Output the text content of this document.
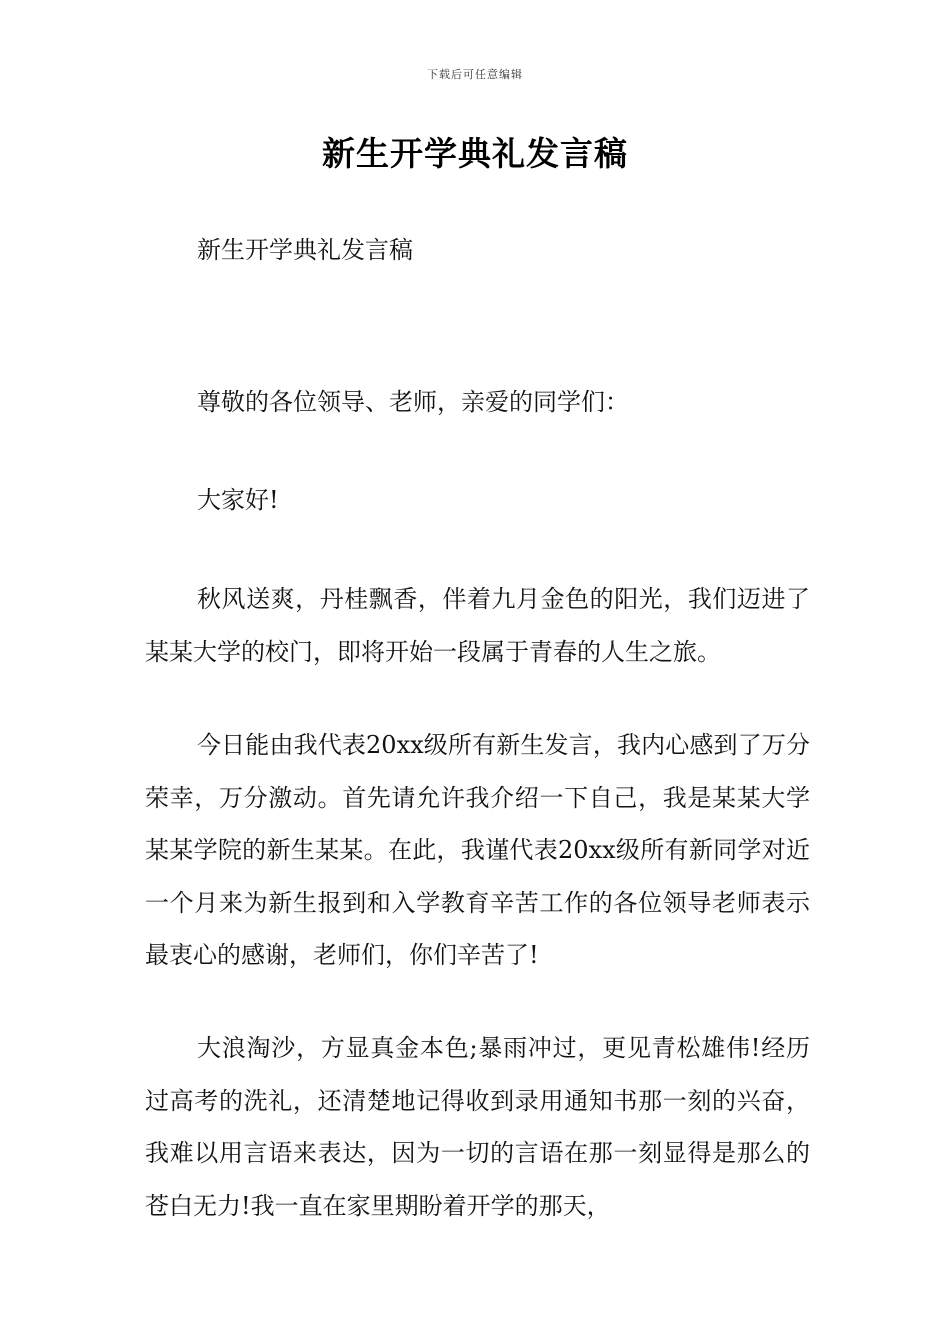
下载后可任意编辑
新生开学典礼发言稿

新生开学典礼发言稿

尊敬的各位领导、老师，亲爱的同学们：

大家好!

秋风送爽，丹桂飘香，伴着九月金色的阳光，我们迈进了某某大学的校门，即将开始一段属于青春的人生之旅。

今日能由我代表20xx级所有新生发言，我内心感到了万分荣幸，万分激动。首先请允许我介绍一下自己，我是某某大学某某学院的新生某某。在此，我谨代表20xx级所有新同学对近一个月来为新生报到和入学教育辛苦工作的各位领导老师表示最衷心的感谢，老师们，你们辛苦了!

大浪淘沙，方显真金本色;暴雨冲过，更见青松雄伟!经历过高考的洗礼，还清楚地记得收到录用通知书那一刻的兴奋，我难以用言语来表达，因为一切的言语在那一刻显得是那么的苍白无力!我一直在家里期盼着开学的那天，
